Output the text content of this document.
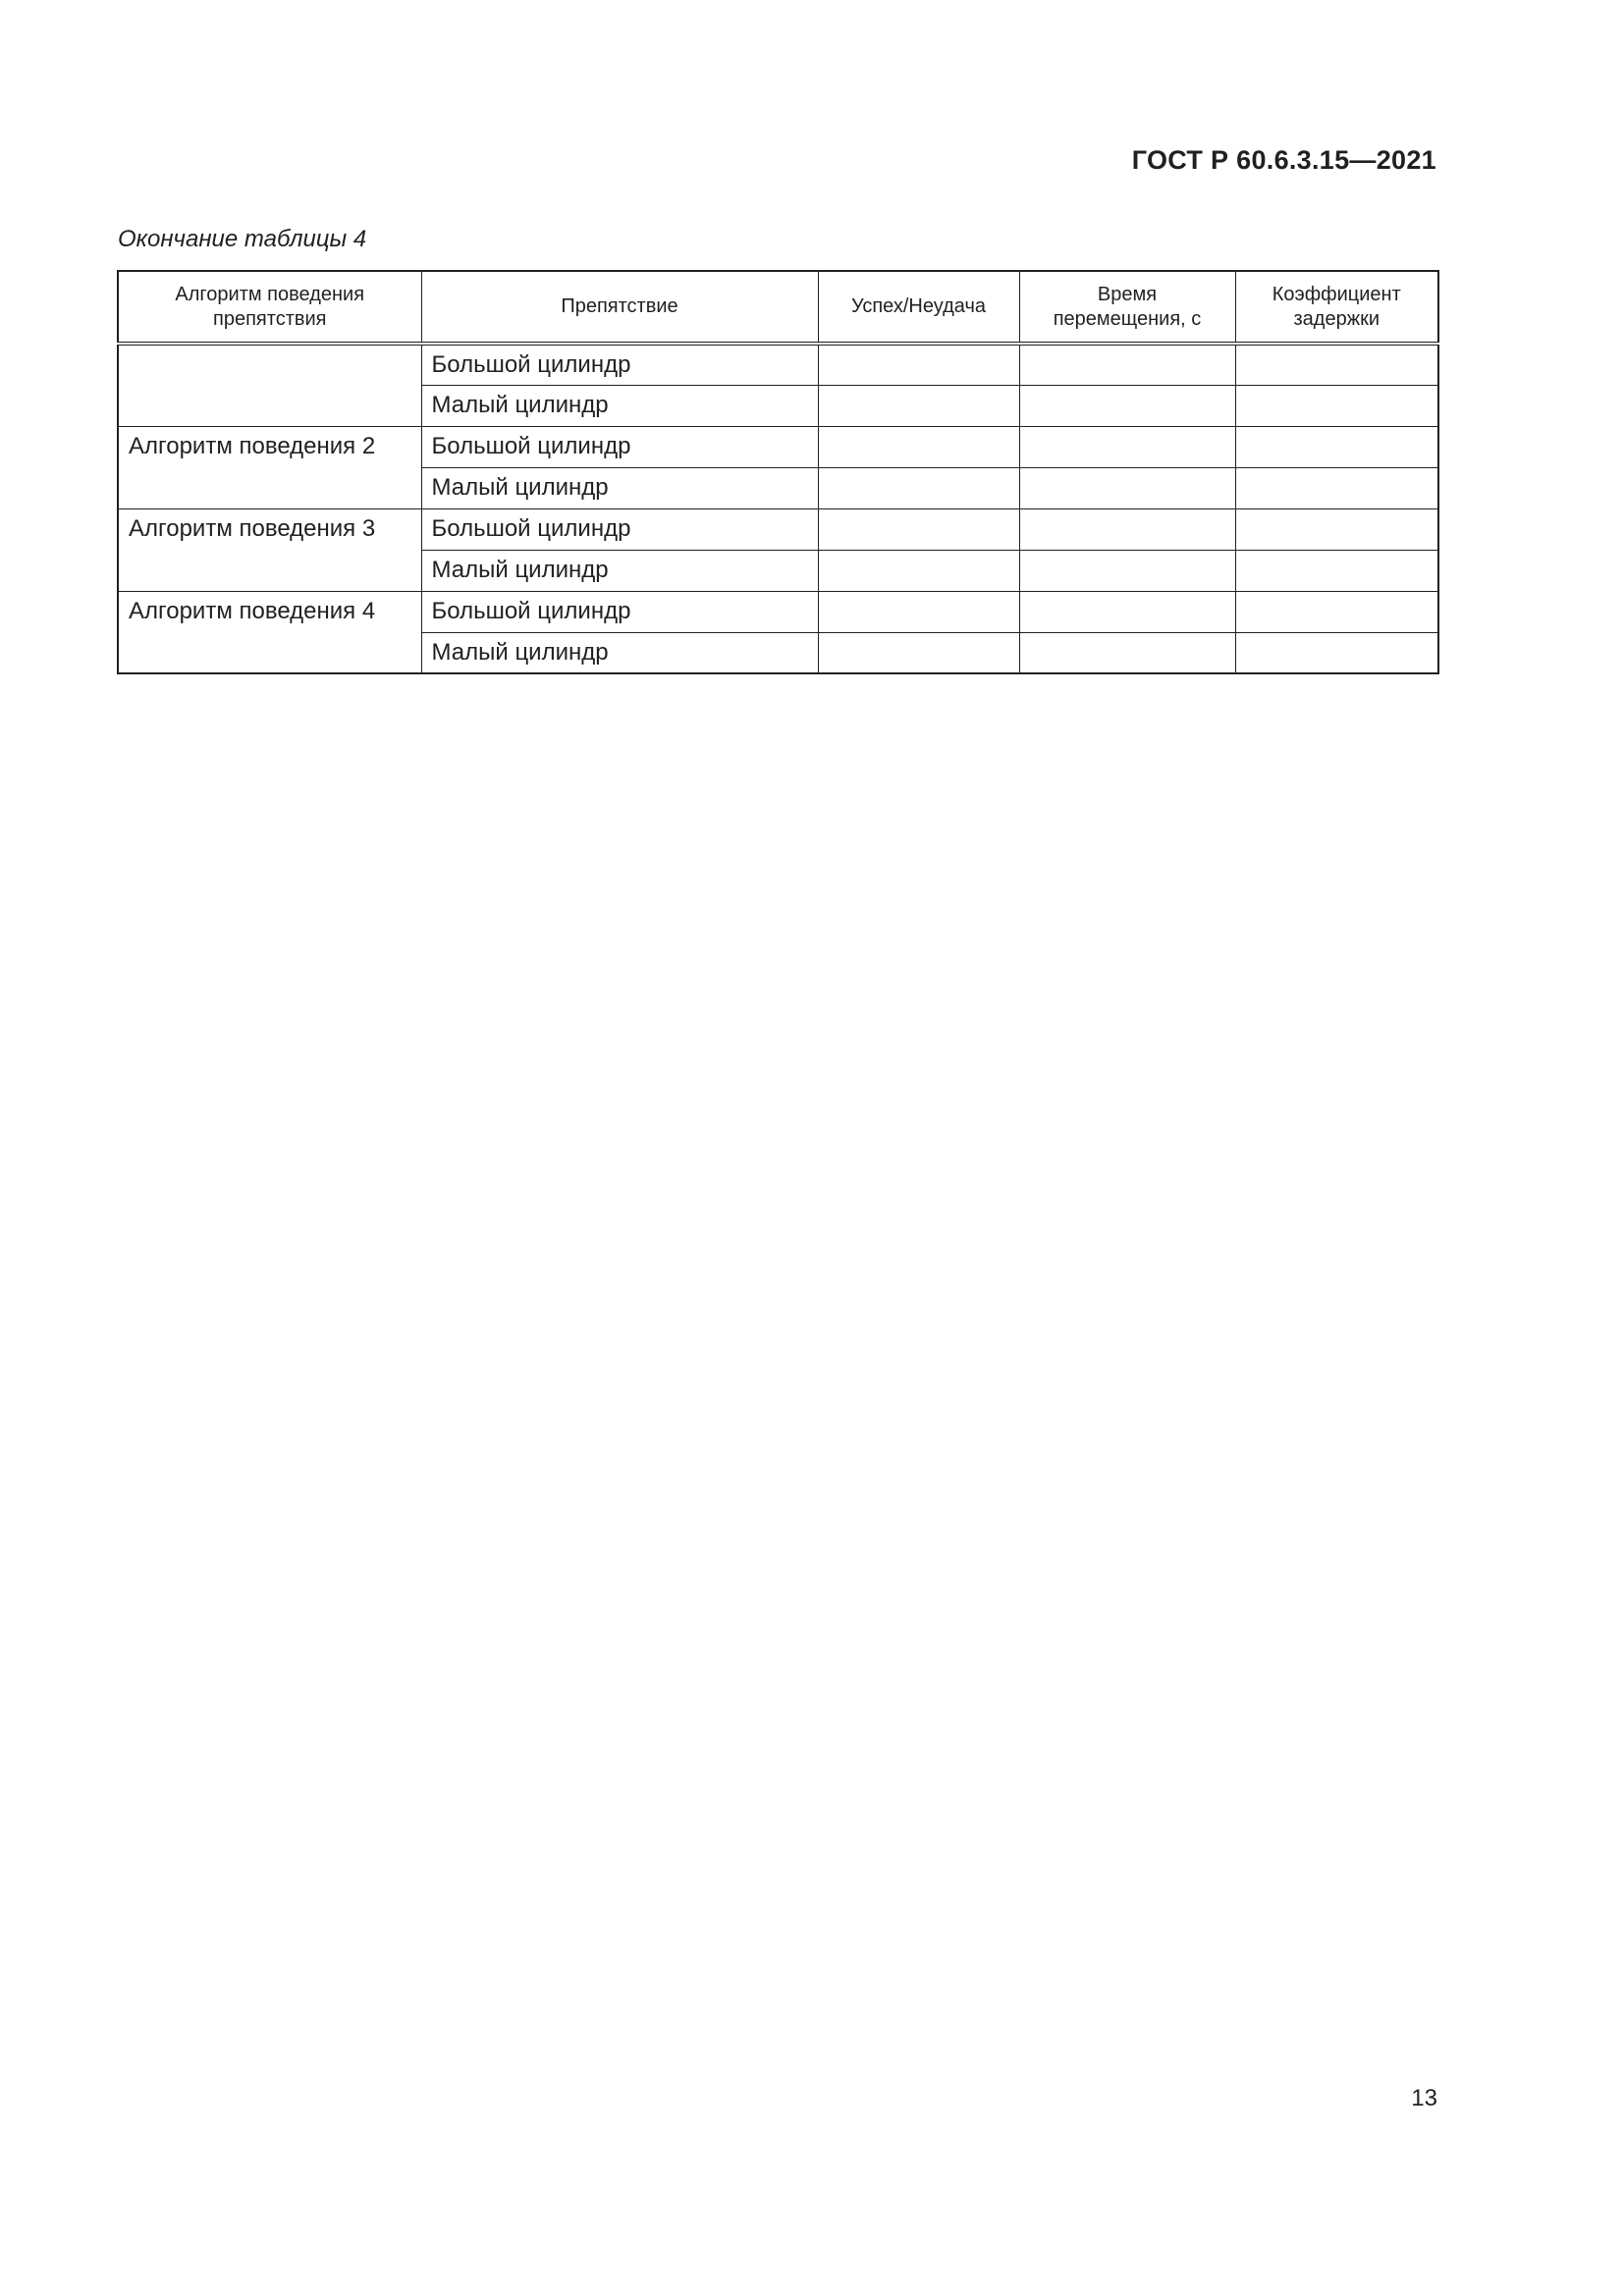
ГОСТ Р 60.6.3.15—2021
Окончание таблицы 4
Алгоритм поведения препятствия	Препятствие	Успех/Неудача	Время перемещения, с	Коэффициент задержки
	Большой цилиндр			
	Малый цилиндр			
Алгоритм поведения 2	Большой цилиндр			
	Малый цилиндр			
Алгоритм поведения 3	Большой цилиндр			
	Малый цилиндр			
Алгоритм поведения 4	Большой цилиндр			
	Малый цилиндр			
13
